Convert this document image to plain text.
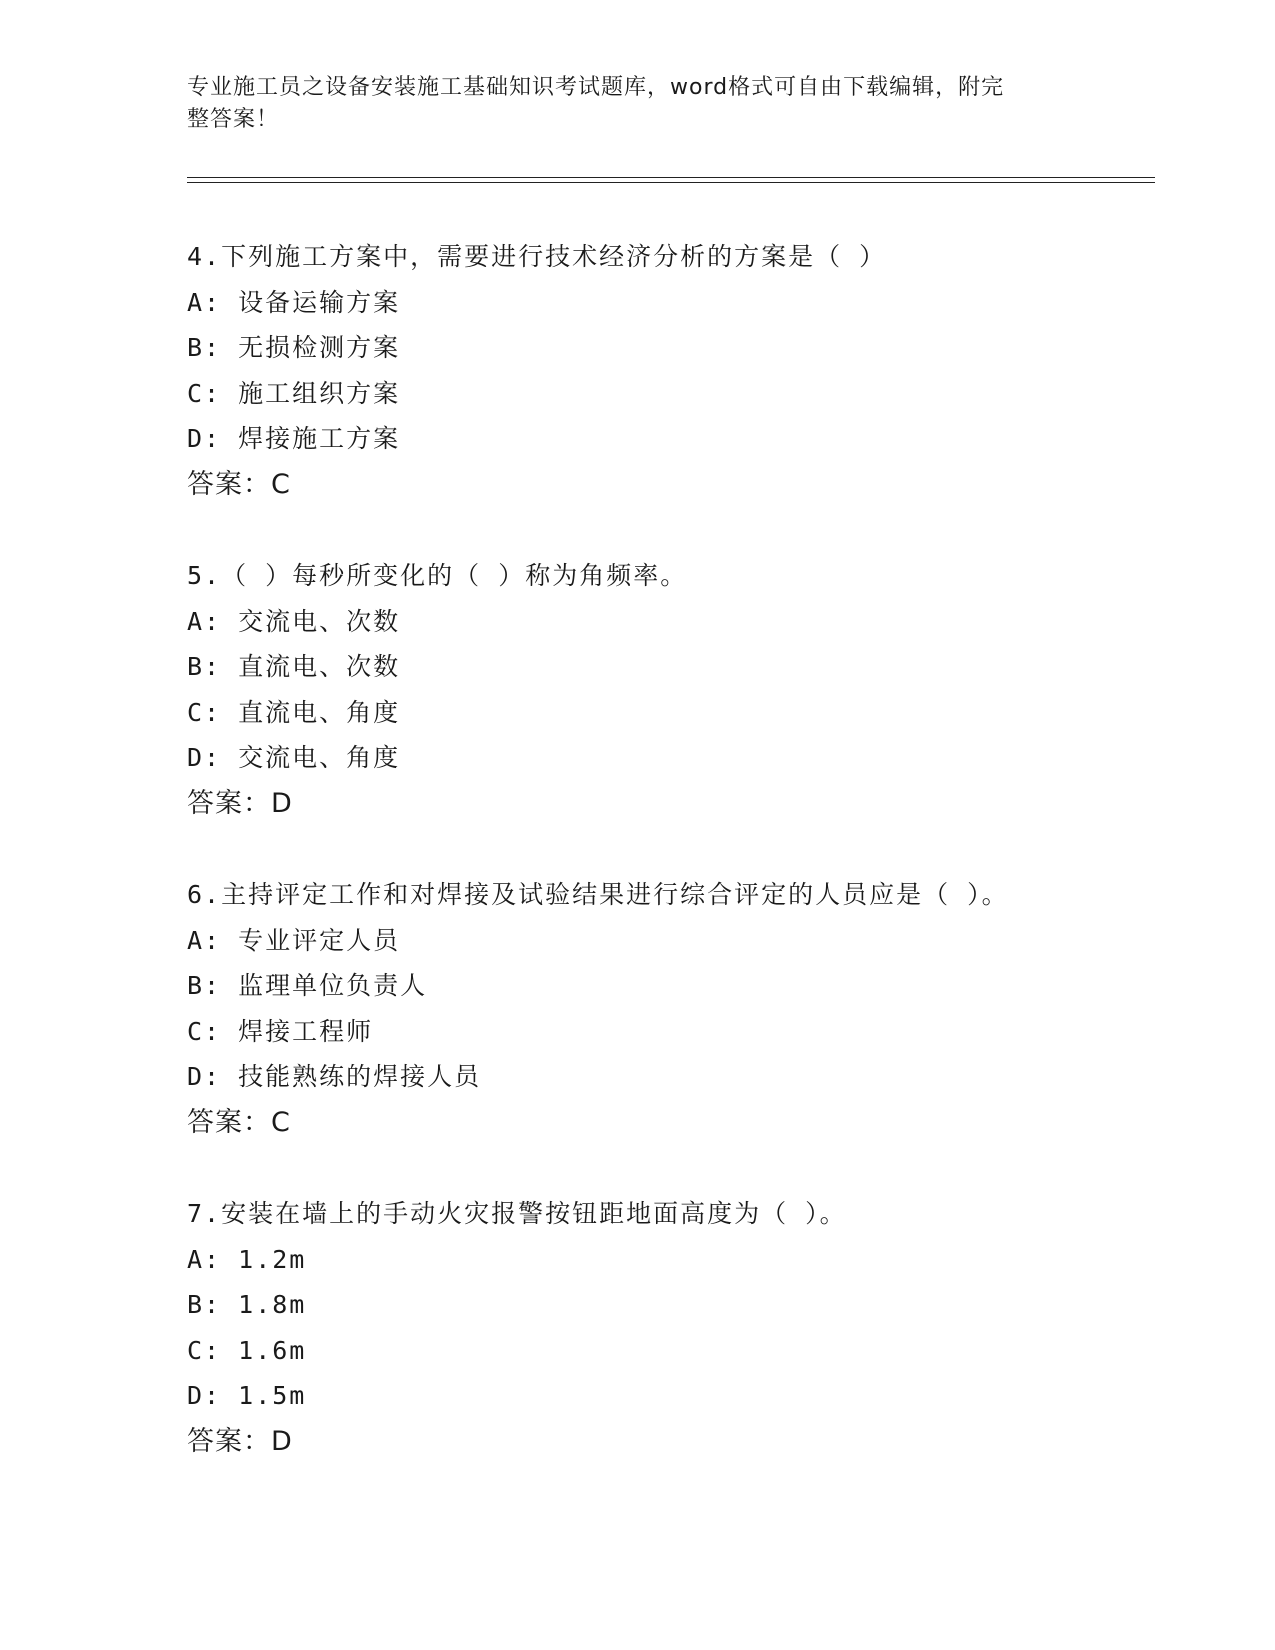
专业施工员之设备安装施工基础知识考试题库，word格式可自由下载编辑，附完
整答案！
4.下列施工方案中，需要进行技术经济分析的方案是（ ）
A: 设备运输方案
B: 无损检测方案
C: 施工组织方案
D: 焊接施工方案
答案：C
5.（ ）每秒所变化的（ ）称为角频率。
A: 交流电、次数
B: 直流电、次数
C: 直流电、角度
D: 交流电、角度
答案：D
6.主持评定工作和对焊接及试验结果进行综合评定的人员应是（ ）。
A: 专业评定人员
B: 监理单位负责人
C: 焊接工程师
D: 技能熟练的焊接人员
答案：C
7.安装在墙上的手动火灾报警按钮距地面高度为（ ）。
A: 1.2m
B: 1.8m
C: 1.6m
D: 1.5m
答案：D
